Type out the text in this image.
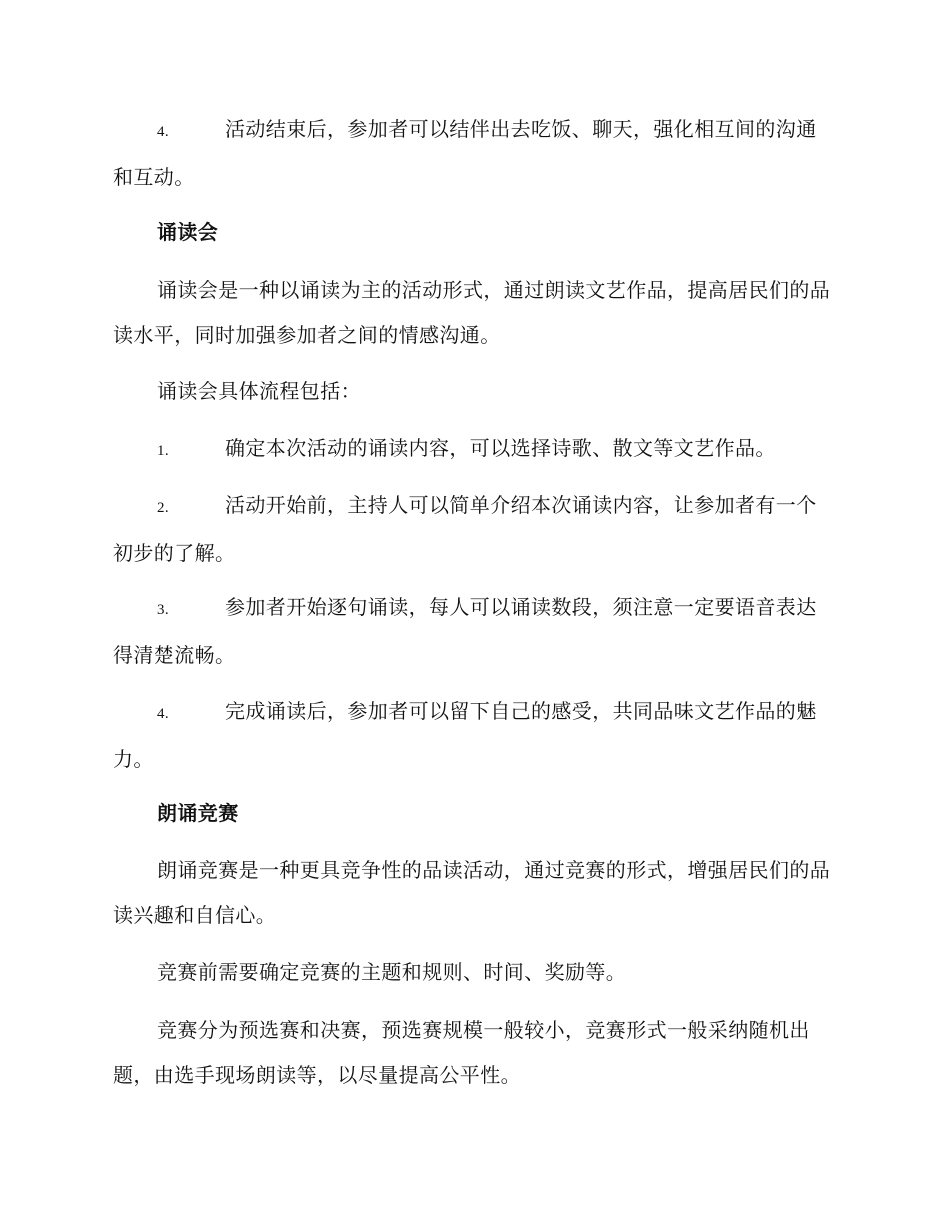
4.	活动结束后，参加者可以结伴出去吃饭、聊天，强化相互间的沟通和互动。
诵读会
诵读会是一种以诵读为主的活动形式，通过朗读文艺作品，提高居民们的品读水平，同时加强参加者之间的情感沟通。
诵读会具体流程包括：
1.	确定本次活动的诵读内容，可以选择诗歌、散文等文艺作品。
2.	活动开始前，主持人可以简单介绍本次诵读内容，让参加者有一个初步的了解。
3.	参加者开始逐句诵读，每人可以诵读数段，须注意一定要语音表达得清楚流畅。
4.	完成诵读后，参加者可以留下自己的感受，共同品味文艺作品的魅力。
朗诵竞赛
朗诵竞赛是一种更具竞争性的品读活动，通过竞赛的形式，增强居民们的品读兴趣和自信心。
竞赛前需要确定竞赛的主题和规则、时间、奖励等。
竞赛分为预选赛和决赛，预选赛规模一般较小，竞赛形式一般采纳随机出题，由选手现场朗读等，以尽量提高公平性。
